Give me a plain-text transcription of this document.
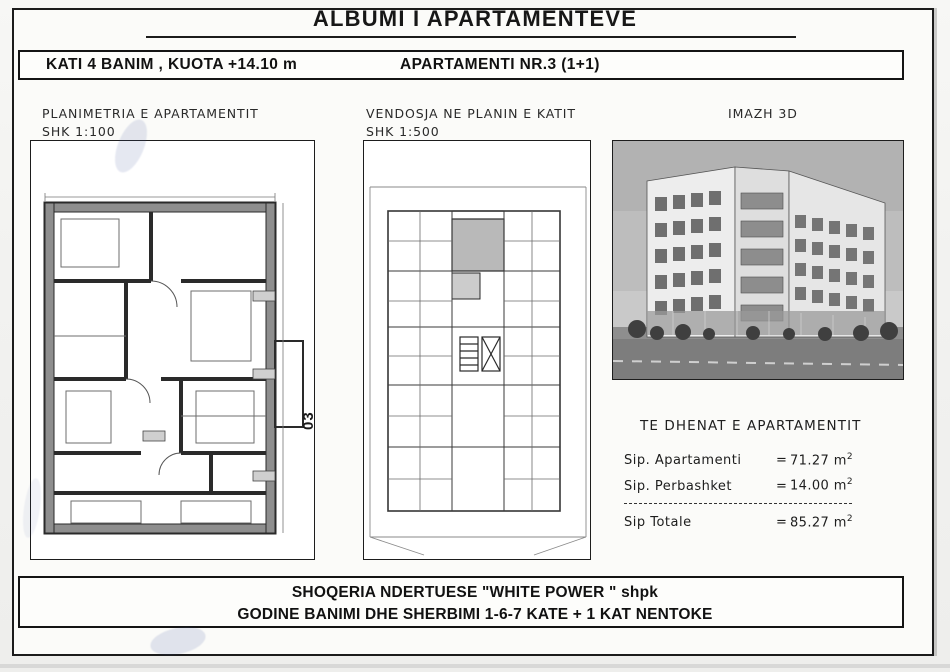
ALBUMI I APARTAMENTEVE
KATI 4 BANIM , KUOTA +14.10 m	APARTAMENTI NR.3 (1+1)
PLANIMETRIA E APARTAMENTIT
SHK 1:100
VENDOSJA NE PLANIN E KATIT
SHK 1:500
IMAZH 3D
03	TE DHENAT E APARTAMENTIT
Sip. Apartamenti	= 71.27 $m^2$
Sip. Perbashket	= 14.00 $m^2$
Sip Totale	= 85.27 $m^2$
SHOQERIA NDERTUESE "WHITE POWER " shpk
GODINE BANIMI DHE SHERBIMI 1-6-7 KATE + 1 KAT NENTOKE
